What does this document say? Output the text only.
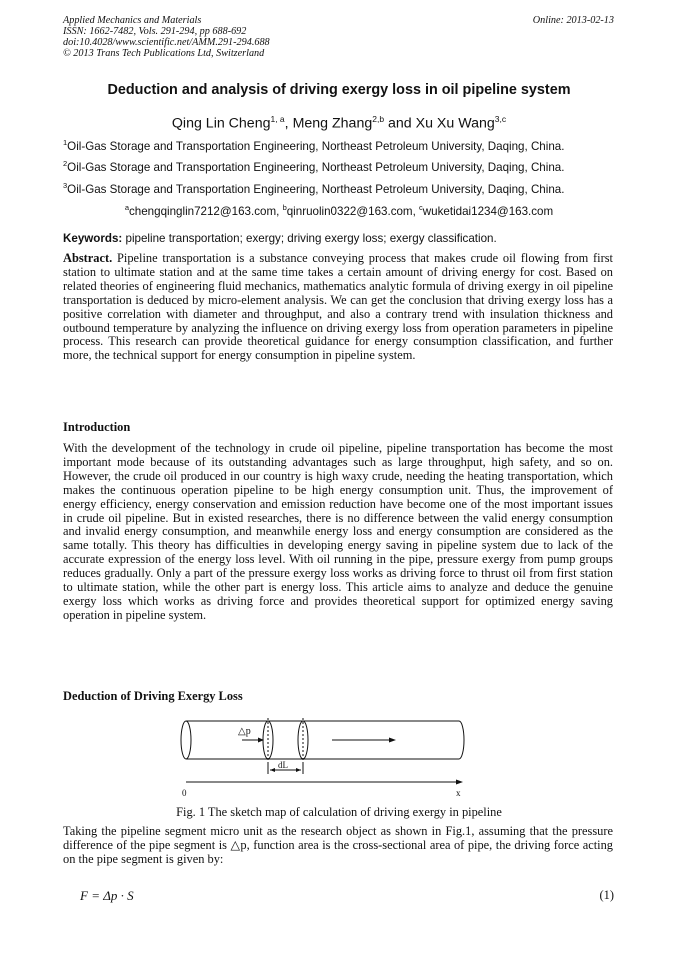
Applied Mechanics and Materials
ISSN: 1662-7482, Vols. 291-294, pp 688-692
doi:10.4028/www.scientific.net/AMM.291-294.688
© 2013 Trans Tech Publications Ltd, Switzerland
Online: 2013-02-13
Deduction and analysis of driving exergy loss in oil pipeline system
Qing Lin Cheng$^{1, a}$, Meng Zhang$^{2,b}$ and Xu Xu Wang$^{3,c}$
$^1$Oil-Gas Storage and Transportation Engineering, Northeast Petroleum University, Daqing, China.
$^2$Oil-Gas Storage and Transportation Engineering, Northeast Petroleum University, Daqing, China.
$^3$Oil-Gas Storage and Transportation Engineering, Northeast Petroleum University, Daqing, China.
$^a$chengqinglin7212@163.com, $^b$qinruolin0322@163.com, $^c$wuketidai1234@163.com
Keywords: pipeline transportation; exergy; driving exergy loss; exergy classification.

Abstract. Pipeline transportation is a substance conveying process that makes crude oil flowing from first station to ultimate station and at the same time takes a certain amount of driving energy for cost. Based on related theories of engineering fluid mechanics, mathematics analytic formula of driving exergy in oil pipeline transportation is deduced by micro-element analysis. We can get the conclusion that driving exergy loss has a positive correlation with diameter and throughput, and also a contrary trend with insulation thickness and outbound temperature by analyzing the influence on driving exergy loss from operation parameters in pipeline process. This research can provide theoretical guidance for energy consumption classification, and further more, the technical support for energy consumption in pipeline system.

Introduction

With the development of the technology in crude oil pipeline, pipeline transportation has become the most important mode because of its outstanding advantages such as large throughput, high safety, and so on. However, the crude oil produced in our country is high waxy crude, needing the heating transportation, which makes the continuous operation pipeline to be high energy consumption unit. Thus, the improvement of energy efficiency, energy conservation and emission reduction have become one of the most important issues in crude oil pipeline. But in existed researches, there is no difference between the valid energy consumption and invalid energy consumption, and meanwhile energy loss and energy consumption are considered as the same totally. This theory has difficulties in developing energy saving in pipeline system due to lack of the accurate expression of the energy loss level. With oil running in the pipe, pressure exergy from pump groups reduces gradually. Only a part of the pressure exergy loss works as driving force to thrust oil from first station to ultimate station, while the other part is energy loss. This article aims to analyze and deduce the genuine exergy loss which works as driving force and provides theoretical support for optimized energy saving operation in pipeline system.

Deduction of Driving Exergy Loss
△p
dL
0	x
Fig. 1 The sketch map of calculation of driving exergy in pipeline

Taking the pipeline segment micro unit as the research object as shown in Fig.1, assuming that the pressure difference of the pipe segment is △p, function area is the cross-sectional area of pipe, the driving force acting on the pipe segment is given by:

F = Δp · S	(1)
